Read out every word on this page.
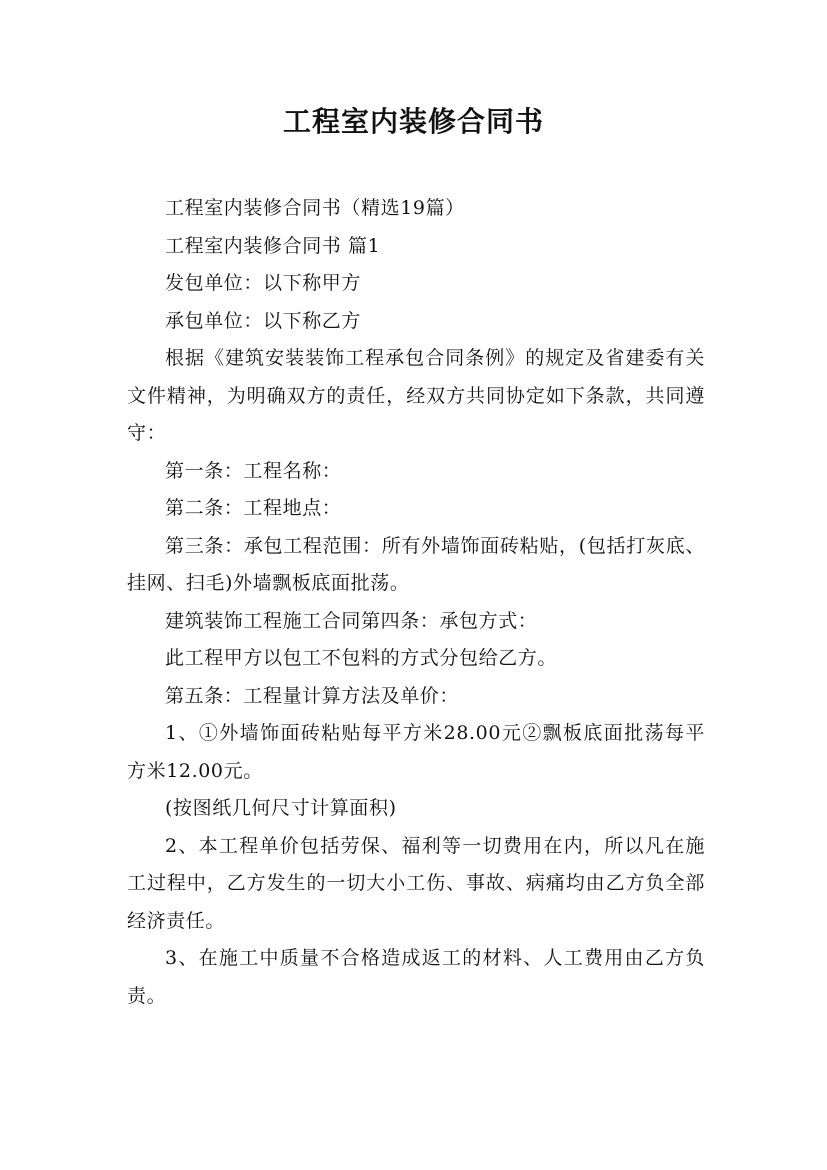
工程室内装修合同书

工程室内装修合同书（精选19篇）

工程室内装修合同书 篇1

发包单位：以下称甲方

承包单位：以下称乙方

根据《建筑安装装饰工程承包合同条例》的规定及省建委有关文件精神，为明确双方的责任，经双方共同协定如下条款，共同遵守：

第一条：工程名称：

第二条：工程地点：

第三条：承包工程范围：所有外墙饰面砖粘贴，(包括打灰底、挂网、扫毛)外墙飘板底面批荡。

建筑装饰工程施工合同第四条：承包方式：

此工程甲方以包工不包料的方式分包给乙方。

第五条：工程量计算方法及单价：

1、①外墙饰面砖粘贴每平方米28.00元②飘板底面批荡每平方米12.00元。

(按图纸几何尺寸计算面积)

2、本工程单价包括劳保、福利等一切费用在内，所以凡在施工过程中，乙方发生的一切大小工伤、事故、病痛均由乙方负全部经济责任。

3、在施工中质量不合格造成返工的材料、人工费用由乙方负责。
